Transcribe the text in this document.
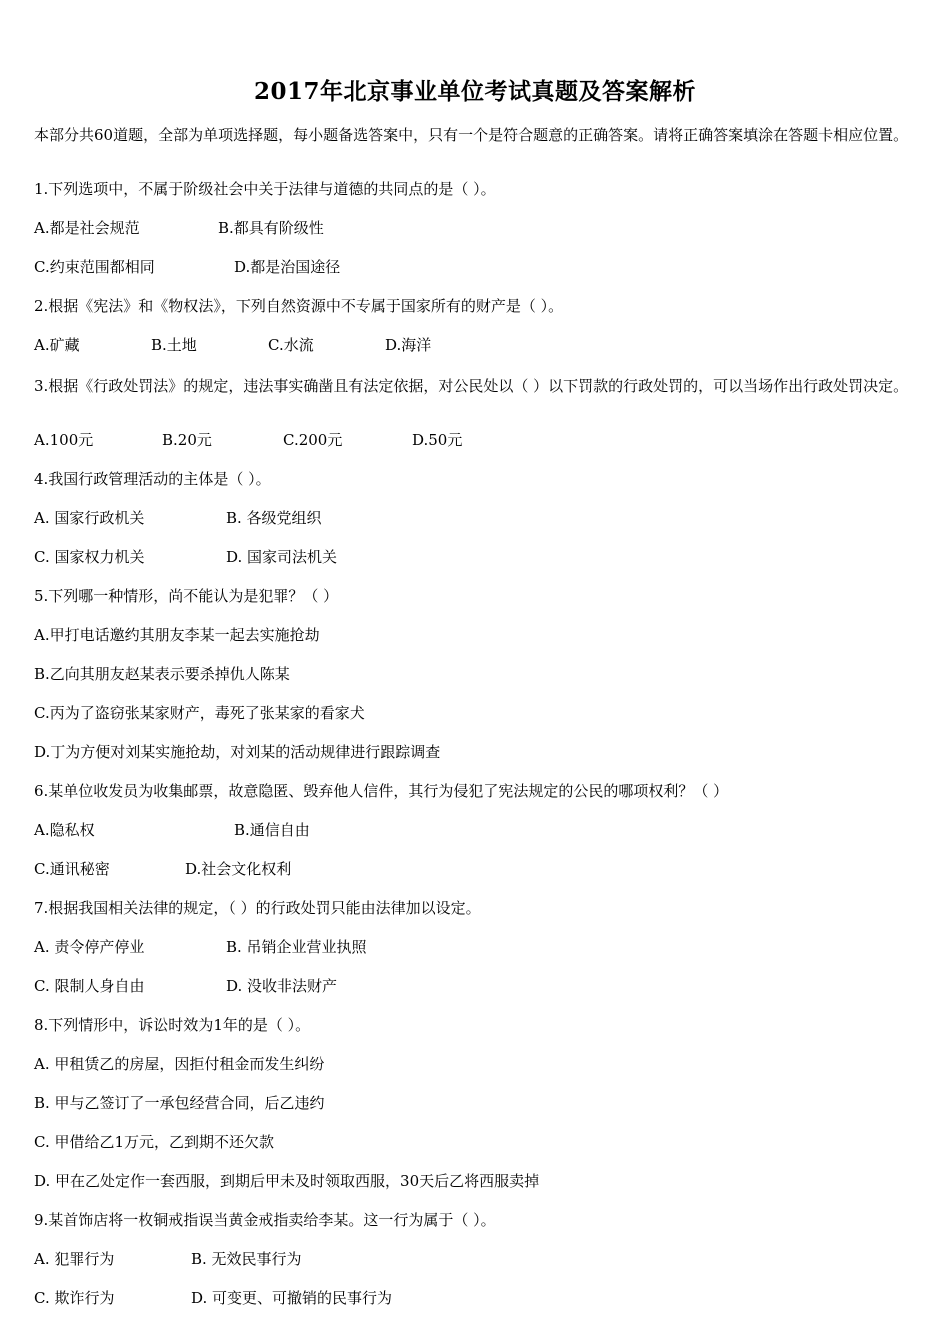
2017年北京事业单位考试真题及答案解析
本部分共60道题，全部为单项选择题，每小题备选答案中，只有一个是符合题意的正确答案。请将正确答案填涂在答题卡相应位置。
1.下列选项中，不属于阶级社会中关于法律与道德的共同点的是（ ）。
A.都是社会规范	B.都具有阶级性
C.约束范围都相同	D.都是治国途径
2.根据《宪法》和《物权法》，下列自然资源中不专属于国家所有的财产是（ ）。
A.矿藏	B.土地	C.水流	D.海洋
3.根据《行政处罚法》的规定，违法事实确凿且有法定依据，对公民处以（ ）以下罚款的行政处罚的，可以当场作出行政处罚决定。
A.100元	B.20元	C.200元	D.50元
4.我国行政管理活动的主体是（ ）。
A. 国家行政机关	B. 各级党组织
C. 国家权力机关	D. 国家司法机关
5.下列哪一种情形，尚不能认为是犯罪？（ ）
A.甲打电话邀约其朋友李某一起去实施抢劫
B.乙向其朋友赵某表示要杀掉仇人陈某
C.丙为了盗窃张某家财产，毒死了张某家的看家犬
D.丁为方便对刘某实施抢劫，对刘某的活动规律进行跟踪调查
6.某单位收发员为收集邮票，故意隐匿、毁弃他人信件，其行为侵犯了宪法规定的公民的哪项权利？（ ）
A.隐私权	B.通信自由
C.通讯秘密	D.社会文化权利
7.根据我国相关法律的规定，（ ）的行政处罚只能由法律加以设定。
A. 责令停产停业	B. 吊销企业营业执照
C. 限制人身自由	D. 没收非法财产
8.下列情形中，诉讼时效为1年的是（ ）。
A. 甲租赁乙的房屋，因拒付租金而发生纠纷
B. 甲与乙签订了一承包经营合同，后乙违约
C. 甲借给乙1万元，乙到期不还欠款
D. 甲在乙处定作一套西服，到期后甲未及时领取西服，30天后乙将西服卖掉
9.某首饰店将一枚铜戒指误当黄金戒指卖给李某。这一行为属于（ ）。
A. 犯罪行为	B. 无效民事行为
C. 欺诈行为	D. 可变更、可撤销的民事行为
